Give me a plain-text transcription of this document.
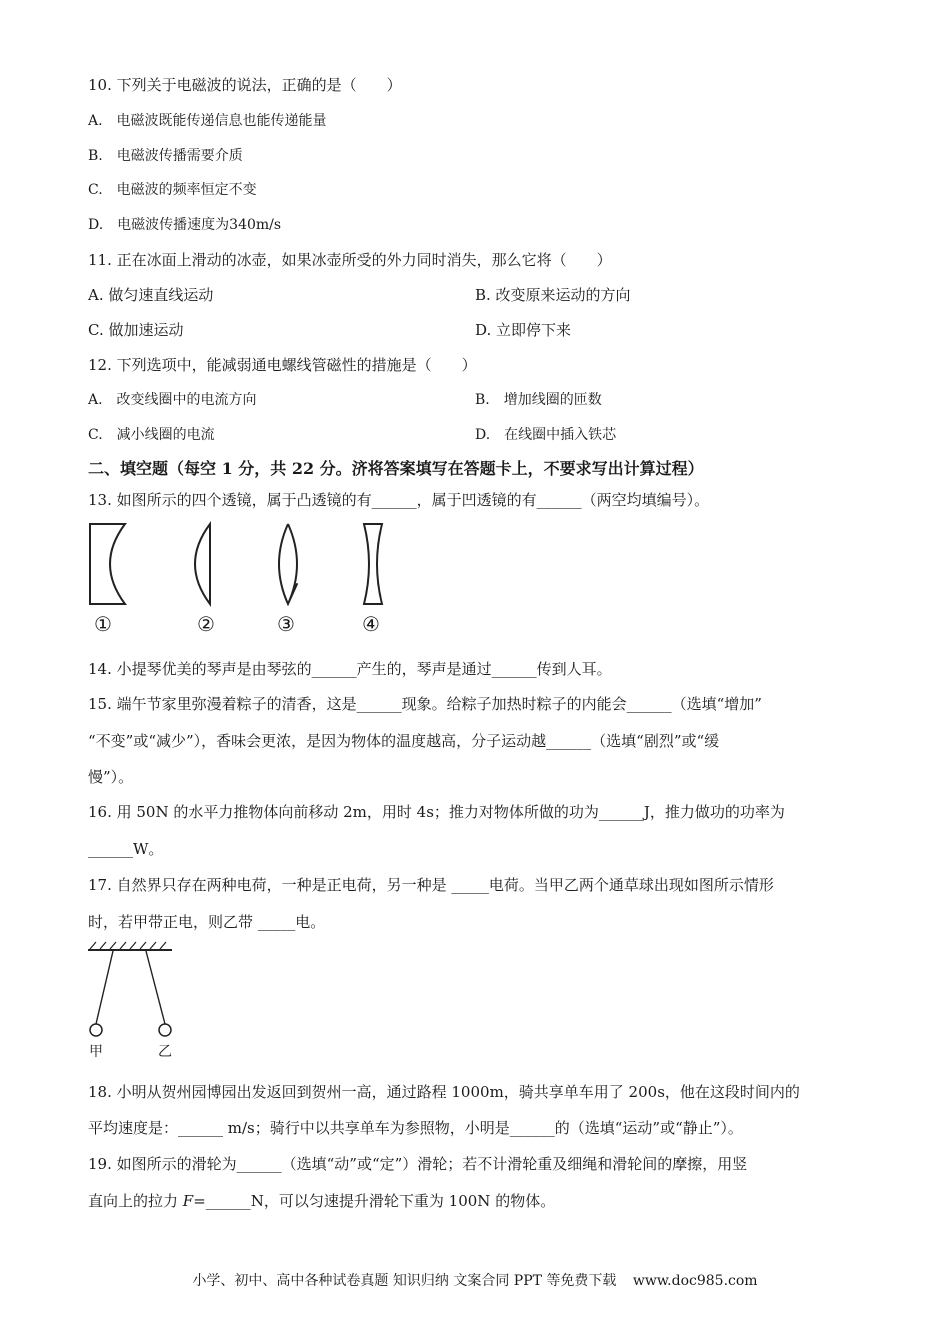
10. 下列关于电磁波的说法，正确的是（　　）
A.　电磁波既能传递信息也能传递能量
B.　电磁波传播需要介质
C.　电磁波的频率恒定不变
D.　电磁波传播速度为340m/s
11. 正在冰面上滑动的冰壶，如果冰壶所受的外力同时消失，那么它将（　　）
A. 做匀速直线运动	B. 改变原来运动的方向
C. 做加速运动	D. 立即停下来
12. 下列选项中，能减弱通电螺线管磁性的措施是（　　）
A.　改变线圈中的电流方向	B.　增加线圈的匝数
C.　减小线圈的电流	D.　在线圈中插入铁芯
二、填空题（每空 1 分，共 22 分。济将答案填写在答题卡上，不要求写出计算过程）
13. 如图所示的四个透镜，属于凸透镜的有______，属于凹透镜的有______（两空均填编号）。
①	②	③	④
14. 小提琴优美的琴声是由琴弦的______产生的，琴声是通过______传到人耳。
15. 端午节家里弥漫着粽子的清香，这是______现象。给粽子加热时粽子的内能会______（选填“增加”
“不变”或“减少”），香味会更浓，是因为物体的温度越高，分子运动越______（选填“剧烈”或“缓
慢”）。
16. 用 50N 的水平力推物体向前移动 2m，用时 4s；推力对物体所做的功为______J，推力做功的功率为
______W。
17. 自然界只存在两种电荷，一种是正电荷，另一种是 _____电荷。当甲乙两个通草球出现如图所示情形
时，若甲带正电，则乙带 _____电。
甲	乙
18. 小明从贺州园博园出发返回到贺州一高，通过路程 1000m，骑共享单车用了 200s，他在这段时间内的
平均速度是：______ m/s；骑行中以共享单车为参照物，小明是______的（选填“运动”或“静止”）。
19. 如图所示的滑轮为______（选填“动”或“定”）滑轮；若不计滑轮重及细绳和滑轮间的摩擦，用竖
直向上的拉力 F=______N，可以匀速提升滑轮下重为 100N 的物体。
小学、初中、高中各种试卷真题 知识归纳 文案合同 PPT 等免费下载 www.doc985.com
